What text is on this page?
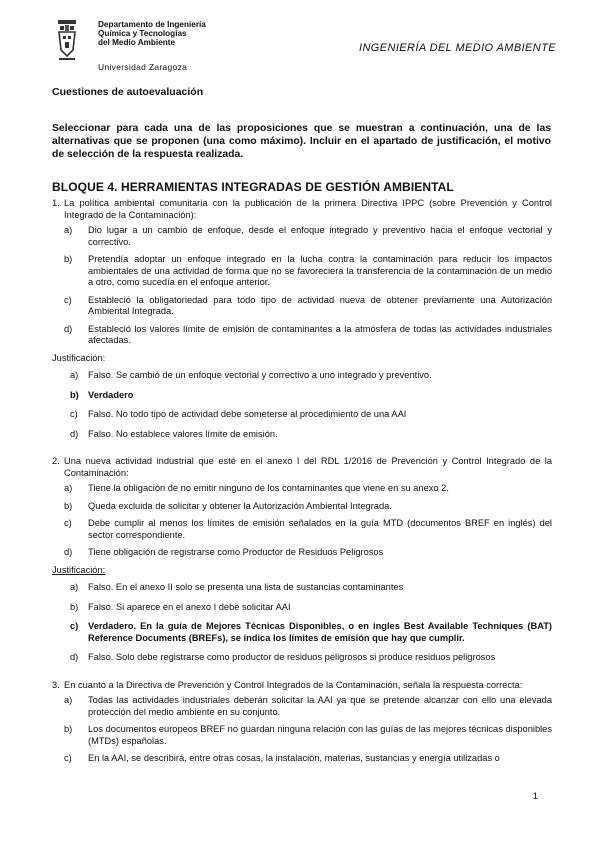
Departamento de Ingeniería
Química y Tecnologías
del Medio Ambiente
Universidad Zaragoza
INGENIERÍA DEL MEDIO AMBIENTE
Cuestiones de autoevaluación
Seleccionar para cada una de las proposiciones que se muestran a continuación, una de las alternativas que se proponen (una como máximo). Incluir en el apartado de justificación, el motivo de selección de la respuesta realizada.
BLOQUE 4. HERRAMIENTAS INTEGRADAS DE GESTIÓN AMBIENTAL
1. La política ambiental comunitaria con la publicación de la primera Directiva IPPC (sobre Prevención y Control Integrado de la Contaminación):
a)	Dio lugar a un cambio de enfoque, desde el enfoque integrado y preventivo hacia el enfoque vectorial y correctivo.
b)	Pretendía adoptar un enfoque integrado en la lucha contra la contaminación para reducir los impactos ambientales de una actividad de forma que no se favoreciera la transferencia de la contaminación de un medio a otro, como sucedía en el enfoque anterior.
c)	Estableció la obligatoriedad para todo tipo de actividad nueva de obtener previamente una Autorización Ambiental Integrada.
d)	Estableció los valores límite de emisión de contaminantes a la atmósfera de todas las actividades industriales afectadas.
Justificación:
a)	Falso. Se cambió de un enfoque vectorial y correctivo a uno integrado y preventivo.
b) Verdadero
c)	Falso. No todo tipo de actividad debe someterse al procedimiento de una AAI
d)	Falso. No establece valores límite de emisión.
2. Una nueva actividad industrial que esté en el anexo I del RDL 1/2016 de Prevención y Control Integrado de la Contaminación:
a)	Tiene la obligación de no emitir ninguno de los contaminantes que viene en su anexo 2.
b)	Queda excluida de solicitar y obtener la Autorización Ambiental Integrada.
c)	Debe cumplir al menos los límites de emisión señalados en la guía MTD (documentos BREF en inglés) del sector correspondiente.
d)	Tiene obligación de registrarse como Productor de Residuos Peligrosos
Justificación:
a)	Falso. En el anexo II solo se presenta una lista de sustancias contaminantes
b)	Falso. Si aparece en el anexo I debe solicitar AAI
c)	Verdadero. En la guía de Mejores Técnicas Disponibles, o en ingles Best Available Techniques (BAT) Reference Documents (BREFs), se indica los límites de emisión que hay que cumplir.
d)	Falso. Solo debe registrarse como productor de residuos peligrosos si produce residuos peligrosos
3. En cuanto a la Directiva de Prevención y Control Integrados de la Contaminación, señala la respuesta correcta:
a)	Todas las actividades industriales deberán solicitar la AAI ya que se pretende alcanzar con ello una elevada protección del medio ambiente en su conjunto.
b)	Los documentos europeos BREF no guardan ninguna relación con las guías de las mejores técnicas disponibles (MTDs) españolas.
c)	En la AAI, se describirá, entre otras cosas, la instalación, materias, sustancias y energía utilizadas o
1
